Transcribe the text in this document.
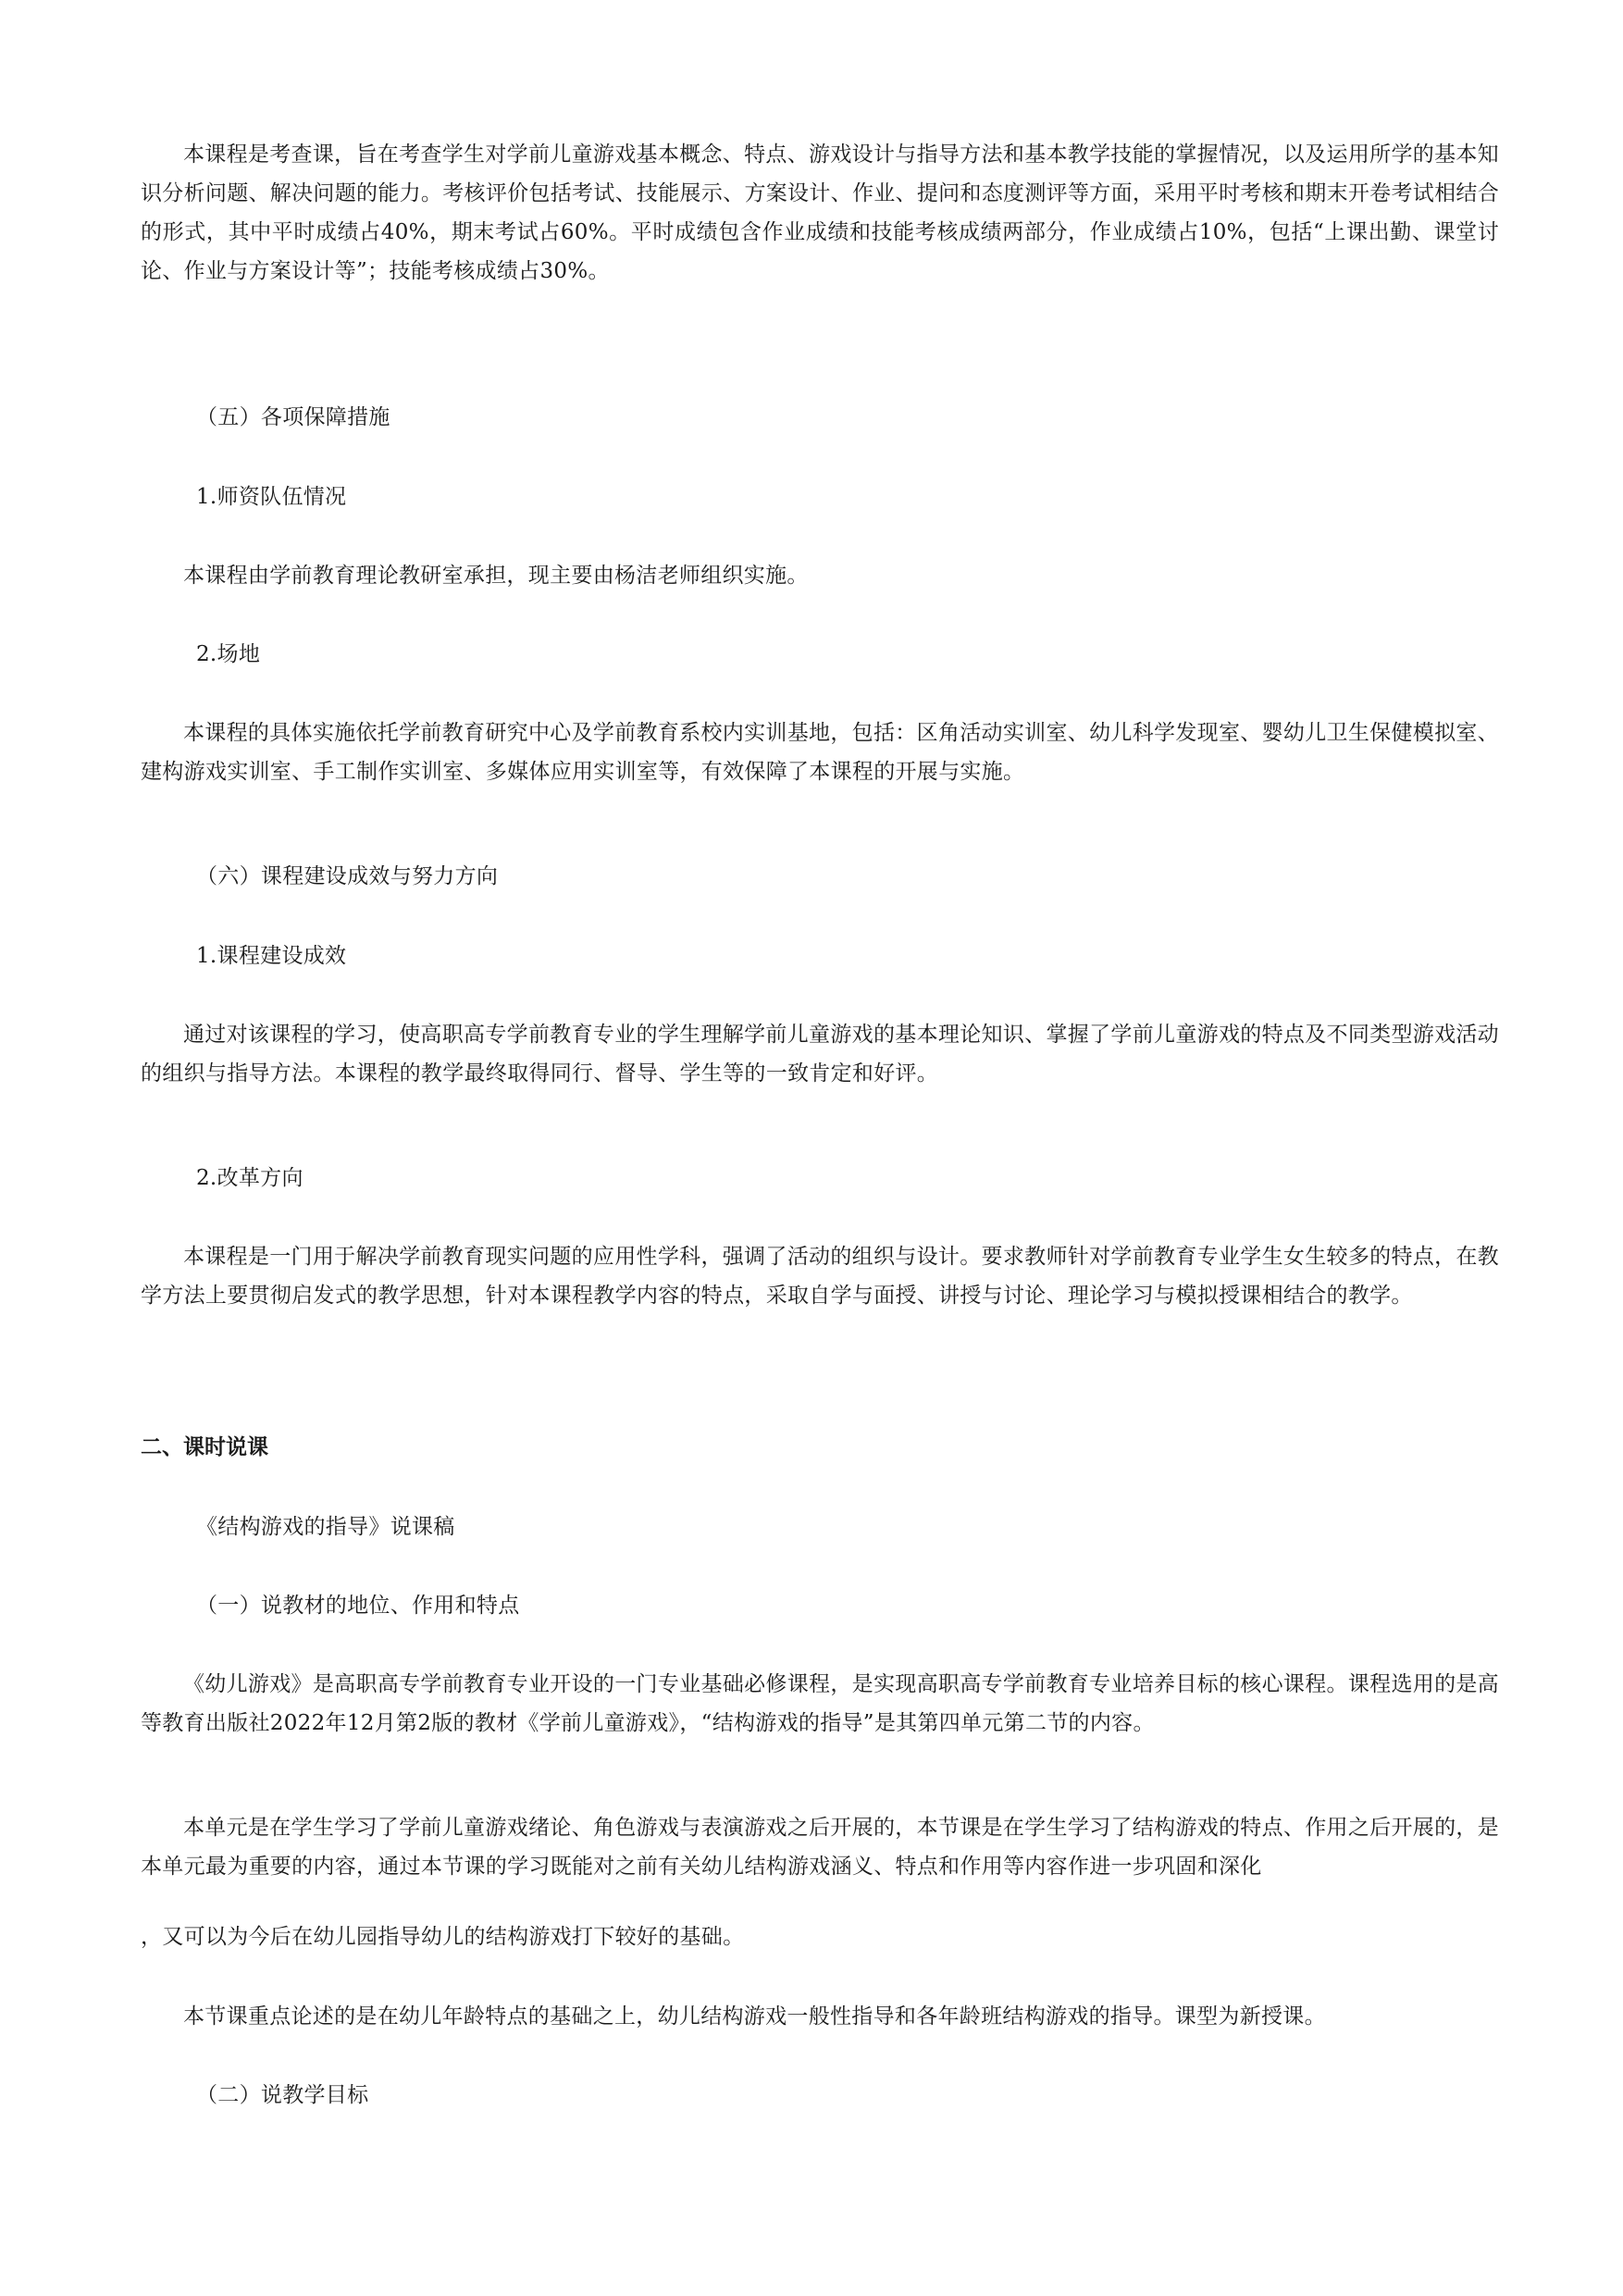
本课程是考查课，旨在考查学生对学前儿童游戏基本概念、特点、游戏设计与指导方法和基本教学技能的掌握情况，以及运用所学的基本知识分析问题、解决问题的能力。考核评价包括考试、技能展示、方案设计、作业、提问和态度测评等方面，采用平时考核和期末开卷考试相结合的形式，其中平时成绩占40%，期末考试占60%。平时成绩包含作业成绩和技能考核成绩两部分，作业成绩占10%，包括“上课出勤、课堂讨论、作业与方案设计等”；技能考核成绩占30%。

（五）各项保障措施

1.师资队伍情况

本课程由学前教育理论教研室承担，现主要由杨洁老师组织实施。

2.场地

本课程的具体实施依托学前教育研究中心及学前教育系校内实训基地，包括：区角活动实训室、幼儿科学发现室、婴幼儿卫生保健模拟室、建构游戏实训室、手工制作实训室、多媒体应用实训室等，有效保障了本课程的开展与实施。

（六）课程建设成效与努力方向

1.课程建设成效

通过对该课程的学习，使高职高专学前教育专业的学生理解学前儿童游戏的基本理论知识、掌握了学前儿童游戏的特点及不同类型游戏活动的组织与指导方法。本课程的教学最终取得同行、督导、学生等的一致肯定和好评。

2.改革方向

本课程是一门用于解决学前教育现实问题的应用性学科，强调了活动的组织与设计。要求教师针对学前教育专业学生女生较多的特点，在教学方法上要贯彻启发式的教学思想，针对本课程教学内容的特点，采取自学与面授、讲授与讨论、理论学习与模拟授课相结合的教学。

二、课时说课

《结构游戏的指导》说课稿

（一）说教材的地位、作用和特点

《幼儿游戏》是高职高专学前教育专业开设的一门专业基础必修课程，是实现高职高专学前教育专业培养目标的核心课程。课程选用的是高等教育出版社2022年12月第2版的教材《学前儿童游戏》，“结构游戏的指导”是其第四单元第二节的内容。

本单元是在学生学习了学前儿童游戏绪论、角色游戏与表演游戏之后开展的，本节课是在学生学习了结构游戏的特点、作用之后开展的，是本单元最为重要的内容，通过本节课的学习既能对之前有关幼儿结构游戏涵义、特点和作用等内容作进一步巩固和深化

，又可以为今后在幼儿园指导幼儿的结构游戏打下较好的基础。

本节课重点论述的是在幼儿年龄特点的基础之上，幼儿结构游戏一般性指导和各年龄班结构游戏的指导。课型为新授课。

（二）说教学目标
